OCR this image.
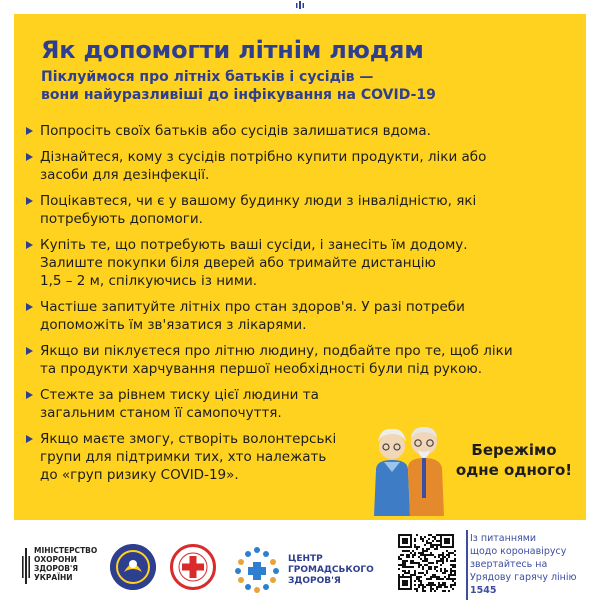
Як допомогти літнім людям
Піклуймося про літніх батьків і сусідів —
вони найуразливіші до інфікування на COVID-19
Попросіть своїх батьків або сусідів залишатися вдома.
Дізнайтеся, кому з сусідів потрібно купити продукти, ліки або
засоби для дезінфекції.
Поцікавтеся, чи є у вашому будинку люди з інвалідністю, які
потребують допомоги.
Купіть те, що потребують ваші сусіди, і занесіть їм додому.
Залиште покупки біля дверей або тримайте дистанцію
1,5 – 2 м, спілкуючись із ними.
Частіше запитуйте літніх про стан здоров'я. У разі потреби
допоможіть їм зв'язатися з лікарями.
Якщо ви піклуєтеся про літню людину, подбайте про те, щоб ліки
та продукти харчування першої необхідності були під рукою.
Стежте за рівнем тиску цієї людини та
загальним станом її самопочуття.
Якщо маєте змогу, створіть волонтерські
групи для підтримки тих, хто належать
до «груп ризику COVID-19».
Бережімо
одне одного!
МІНІСТЕРСТВО
ОХОРОНИ
ЗДОРОВ'Я
УКРАЇНИ
ЦЕНТР
ГРОМАДСЬКОГО
ЗДОРОВ'Я
Із питаннями
щодо коронавірусу
звертайтесь на
Урядову гарячу лінію
1545
